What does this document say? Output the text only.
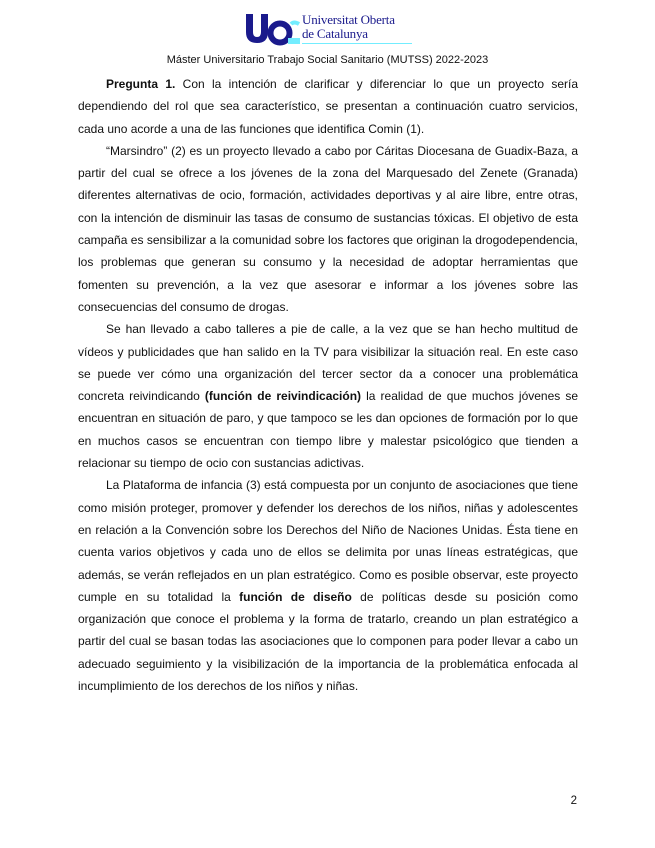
Universitat Oberta
de Catalunya
Máster Universitario Trabajo Social Sanitario (MUTSS) 2022-2023

Pregunta 1. Con la intención de clarificar y diferenciar lo que un proyecto sería dependiendo del rol que sea característico, se presentan a continuación cuatro servicios, cada uno acorde a una de las funciones que identifica Comin (1).

“Marsindro” (2) es un proyecto llevado a cabo por Cáritas Diocesana de Guadix-Baza, a partir del cual se ofrece a los jóvenes de la zona del Marquesado del Zenete (Granada) diferentes alternativas de ocio, formación, actividades deportivas y al aire libre, entre otras, con la intención de disminuir las tasas de consumo de sustancias tóxicas. El objetivo de esta campaña es sensibilizar a la comunidad sobre los factores que originan la drogodependencia, los problemas que generan su consumo y la necesidad de adoptar herramientas que fomenten su prevención, a la vez que asesorar e informar a los jóvenes sobre las consecuencias del consumo de drogas.

Se han llevado a cabo talleres a pie de calle, a la vez que se han hecho multitud de vídeos y publicidades que han salido en la TV para visibilizar la situación real. En este caso se puede ver cómo una organización del tercer sector da a conocer una problemática concreta reivindicando (función de reivindicación) la realidad de que muchos jóvenes se encuentran en situación de paro, y que tampoco se les dan opciones de formación por lo que en muchos casos se encuentran con tiempo libre y malestar psicológico que tienden a relacionar su tiempo de ocio con sustancias adictivas.

La Plataforma de infancia (3) está compuesta por un conjunto de asociaciones que tiene como misión proteger, promover y defender los derechos de los niños, niñas y adolescentes en relación a la Convención sobre los Derechos del Niño de Naciones Unidas. Ésta tiene en cuenta varios objetivos y cada uno de ellos se delimita por unas líneas estratégicas, que además, se verán reflejados en un plan estratégico. Como es posible observar, este proyecto cumple en su totalidad la función de diseño de políticas desde su posición como organización que conoce el problema y la forma de tratarlo, creando un plan estratégico a partir del cual se basan todas las asociaciones que lo componen para poder llevar a cabo un adecuado seguimiento y la visibilización de la importancia de la problemática enfocada al incumplimiento de los derechos de los niños y niñas.

2
